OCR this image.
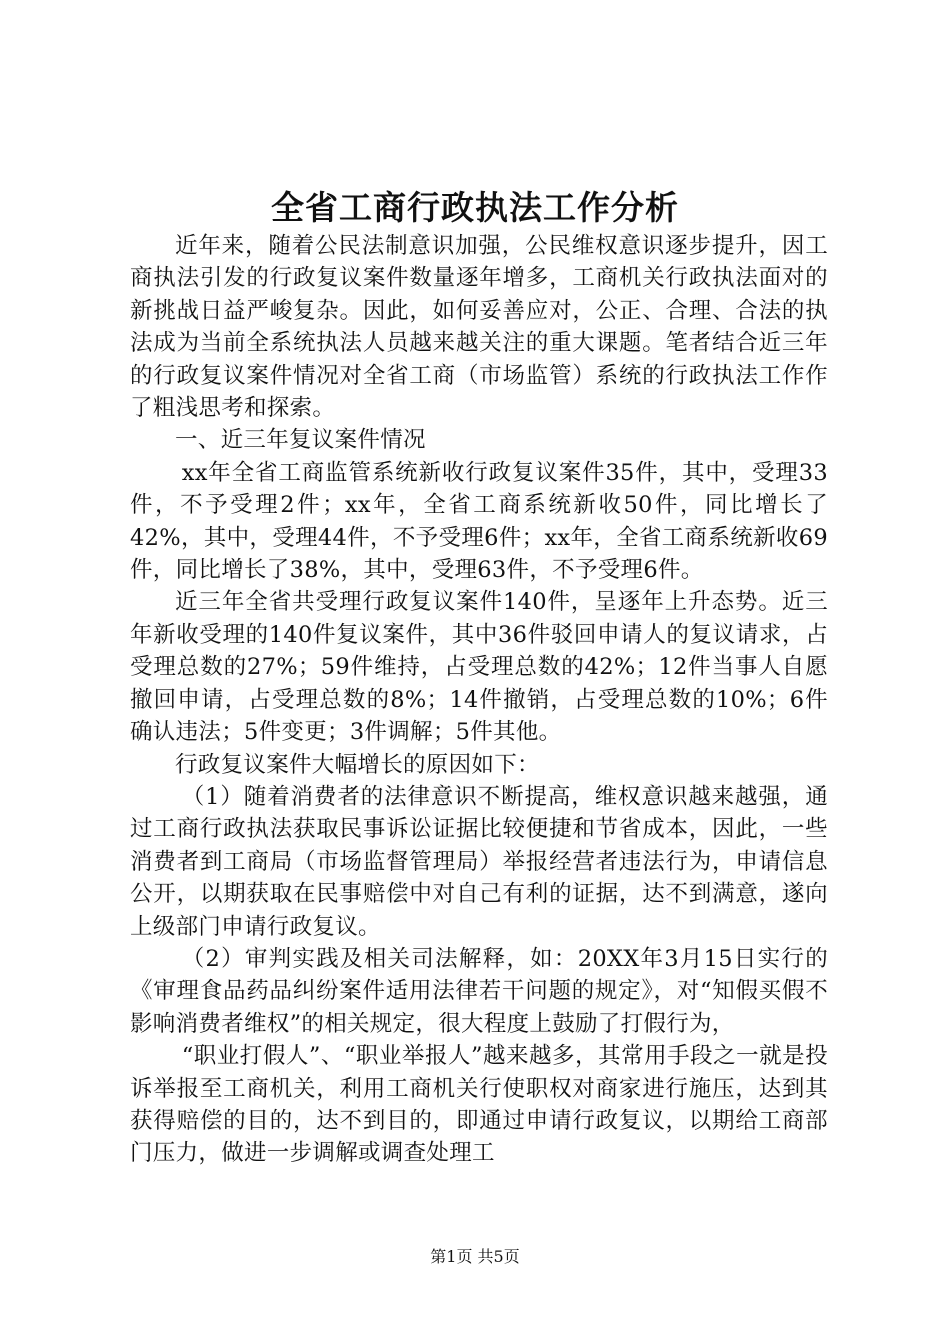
全省工商行政执法工作分析

近年来，随着公民法制意识加强，公民维权意识逐步提升，因工商执法引发的行政复议案件数量逐年增多，工商机关行政执法面对的新挑战日益严峻复杂。因此，如何妥善应对，公正、合理、合法的执法成为当前全系统执法人员越来越关注的重大课题。笔者结合近三年的行政复议案件情况对全省工商（市场监管）系统的行政执法工作作了粗浅思考和探索。

一、近三年复议案件情况

xx年全省工商监管系统新收行政复议案件35件，其中，受理33件，不予受理2件；xx年，全省工商系统新收50件，同比增长了42%，其中，受理44件，不予受理6件；xx年，全省工商系统新收69件，同比增长了38%，其中，受理63件，不予受理6件。

近三年全省共受理行政复议案件140件，呈逐年上升态势。近三年新收受理的140件复议案件，其中36件驳回申请人的复议请求，占受理总数的27%；59件维持，占受理总数的42%；12件当事人自愿撤回申请，占受理总数的8%；14件撤销，占受理总数的10%；6件确认违法；5件变更；3件调解；5件其他。

行政复议案件大幅增长的原因如下：

（1）随着消费者的法律意识不断提高，维权意识越来越强，通过工商行政执法获取民事诉讼证据比较便捷和节省成本，因此，一些消费者到工商局（市场监督管理局）举报经营者违法行为，申请信息公开，以期获取在民事赔偿中对自己有利的证据，达不到满意，遂向上级部门申请行政复议。

（2）审判实践及相关司法解释，如：20XX年3月15日实行的《审理食品药品纠纷案件适用法律若干问题的规定》，对“知假买假不影响消费者维权”的相关规定，很大程度上鼓励了打假行为，

“职业打假人”、“职业举报人”越来越多，其常用手段之一就是投诉举报至工商机关，利用工商机关行使职权对商家进行施压，达到其获得赔偿的目的，达不到目的，即通过申请行政复议，以期给工商部门压力，做进一步调解或调查处理工

第1页 共5页
